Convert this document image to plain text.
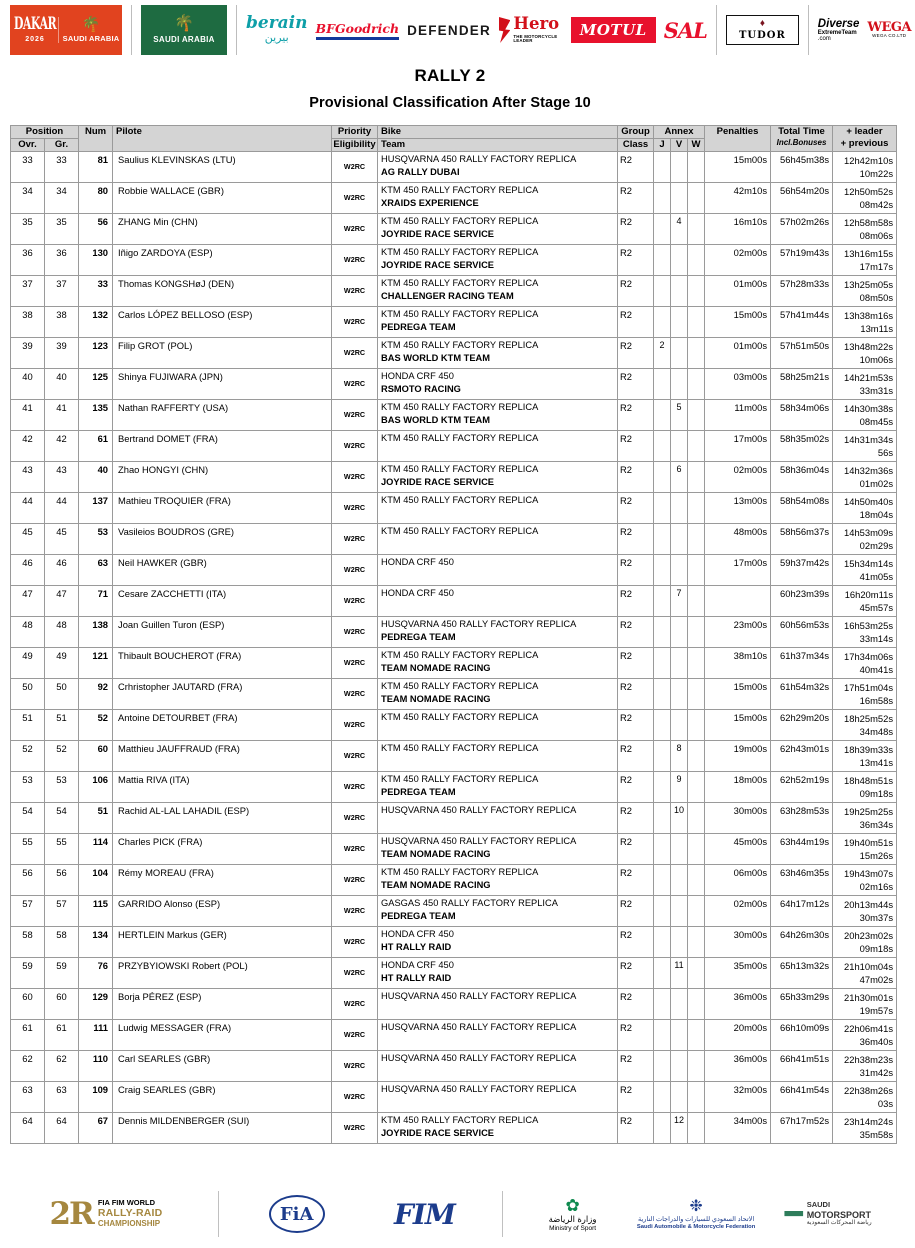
DAKAR
2026
🌴
SAUDI ARABIA
🌴
SAUDI ARABIA
berain
بيرين
BFGoodrich DEFENDER Hero
THE MOTORCYCLE LEADER
MOTUL SAL	♦
TUDOR
Diverse
ExtremeTeam
.com
WEGA
WEGA CO.LTD
RALLY 2
Provisional Classification After Stage 10
Position		Num	Pilote	Priority	Bike	Group	Annex			Penalties	Total Time
Incl.Bonuses	+ leader
+ previous

Ovr.	Gr.			Eligibility	Team	Class	J	V	W			
33	33	81	Saulius KLEVINSKAS (LTU)	W2RC	HUSQVARNA 450 RALLY FACTORY REPLICA
AG RALLY DUBAI	R2				15m00s	56h45m38s	12h42m10s
10m22s

34	34	80	Robbie WALLACE (GBR)	W2RC	KTM 450 RALLY FACTORY REPLICA
XRAIDS EXPERIENCE	R2				42m10s	56h54m20s	12h50m52s
08m42s

35	35	56	ZHANG Min (CHN)	W2RC	KTM 450 RALLY FACTORY REPLICA
JOYRIDE RACE SERVICE	R2		4		16m10s	57h02m26s	12h58m58s
08m06s

36	36	130	Iñigo ZARDOYA (ESP)	W2RC	KTM 450 RALLY FACTORY REPLICA
JOYRIDE RACE SERVICE	R2				02m00s	57h19m43s	13h16m15s
17m17s

37	37	33	Thomas KONGSHøJ (DEN)	W2RC	KTM 450 RALLY FACTORY REPLICA
CHALLENGER RACING TEAM	R2				01m00s	57h28m33s	13h25m05s
08m50s

38	38	132	Carlos LÓPEZ BELLOSO (ESP)	W2RC	KTM 450 RALLY FACTORY REPLICA
PEDREGA TEAM	R2				15m00s	57h41m44s	13h38m16s
13m11s

39	39	123	Filip GROT (POL)	W2RC	KTM 450 RALLY FACTORY REPLICA
BAS WORLD KTM TEAM	R2	2			01m00s	57h51m50s	13h48m22s
10m06s

40	40	125	Shinya FUJIWARA (JPN)	W2RC	HONDA CRF 450
RSMOTO RACING	R2				03m00s	58h25m21s	14h21m53s
33m31s

41	41	135	Nathan RAFFERTY (USA)	W2RC	KTM 450 RALLY FACTORY REPLICA
BAS WORLD KTM TEAM	R2		5		11m00s	58h34m06s	14h30m38s
08m45s

42	42	61	Bertrand DOMET (FRA)	W2RC	KTM 450 RALLY FACTORY REPLICA	R2				17m00s	58h35m02s	14h31m34s
56s

43	43	40	Zhao HONGYI (CHN)	W2RC	KTM 450 RALLY FACTORY REPLICA
JOYRIDE RACE SERVICE	R2		6		02m00s	58h36m04s	14h32m36s
01m02s

44	44	137	Mathieu TROQUIER (FRA)	W2RC	KTM 450 RALLY FACTORY REPLICA	R2				13m00s	58h54m08s	14h50m40s
18m04s

45	45	53	Vasileios BOUDROS (GRE)	W2RC	KTM 450 RALLY FACTORY REPLICA	R2				48m00s	58h56m37s	14h53m09s
02m29s

46	46	63	Neil HAWKER (GBR)	W2RC	HONDA CRF 450	R2				17m00s	59h37m42s	15h34m14s
41m05s

47	47	71	Cesare ZACCHETTI (ITA)	W2RC	HONDA CRF 450	R2		7			60h23m39s	16h20m11s
45m57s

48	48	138	Joan Guillen Turon (ESP)	W2RC	HUSQVARNA 450 RALLY FACTORY REPLICA
PEDREGA TEAM	R2				23m00s	60h56m53s	16h53m25s
33m14s

49	49	121	Thibault BOUCHEROT (FRA)	W2RC	KTM 450 RALLY FACTORY REPLICA
TEAM NOMADE RACING	R2				38m10s	61h37m34s	17h34m06s
40m41s

50	50	92	Crhristopher JAUTARD (FRA)	W2RC	KTM 450 RALLY FACTORY REPLICA
TEAM NOMADE RACING	R2				15m00s	61h54m32s	17h51m04s
16m58s

51	51	52	Antoine DETOURBET (FRA)	W2RC	KTM 450 RALLY FACTORY REPLICA	R2				15m00s	62h29m20s	18h25m52s
34m48s

52	52	60	Matthieu JAUFFRAUD (FRA)	W2RC	KTM 450 RALLY FACTORY REPLICA	R2		8		19m00s	62h43m01s	18h39m33s
13m41s

53	53	106	Mattia RIVA (ITA)	W2RC	KTM 450 RALLY FACTORY REPLICA
PEDREGA TEAM	R2		9		18m00s	62h52m19s	18h48m51s
09m18s

54	54	51	Rachid AL-LAL LAHADIL (ESP)	W2RC	HUSQVARNA 450 RALLY FACTORY REPLICA	R2		10		30m00s	63h28m53s	19h25m25s
36m34s

55	55	114	Charles PICK (FRA)	W2RC	HUSQVARNA 450 RALLY FACTORY REPLICA
TEAM NOMADE RACING	R2				45m00s	63h44m19s	19h40m51s
15m26s

56	56	104	Rémy MOREAU (FRA)	W2RC	KTM 450 RALLY FACTORY REPLICA
TEAM NOMADE RACING	R2				06m00s	63h46m35s	19h43m07s
02m16s

57	57	115	GARRIDO Alonso (ESP)	W2RC	GASGAS 450 RALLY FACTORY REPLICA
PEDREGA TEAM	R2				02m00s	64h17m12s	20h13m44s
30m37s

58	58	134	HERTLEIN Markus (GER)	W2RC	HONDA CFR 450
HT RALLY RAID	R2				30m00s	64h26m30s	20h23m02s
09m18s

59	59	76	PRZYBYIOWSKI Robert (POL)	W2RC	HONDA CRF 450
HT RALLY RAID	R2		11		35m00s	65h13m32s	21h10m04s
47m02s

60	60	129	Borja PÉREZ (ESP)	W2RC	HUSQVARNA 450 RALLY FACTORY REPLICA	R2				36m00s	65h33m29s	21h30m01s
19m57s

61	61	111	Ludwig MESSAGER (FRA)	W2RC	HUSQVARNA 450 RALLY FACTORY REPLICA	R2				20m00s	66h10m09s	22h06m41s
36m40s

62	62	110	Carl SEARLES (GBR)	W2RC	HUSQVARNA 450 RALLY FACTORY REPLICA	R2				36m00s	66h41m51s	22h38m23s
31m42s

63	63	109	Craig SEARLES (GBR)	W2RC	HUSQVARNA 450 RALLY FACTORY REPLICA	R2				32m00s	66h41m54s	22h38m26s
03s

64	64	67	Dennis MILDENBERGER (SUI)	W2RC	KTM 450 RALLY FACTORY REPLICA
JOYRIDE RACE SERVICE	R2		12		34m00s	67h17m52s	23h14m24s
35m58s
2R FIA FIM WORLD
RALLY-RAID
CHAMPIONSHIP	FiA	FIM	✿
وزارة الرياضة
Ministry of Sport
❉
الاتحاد السعودي للسيارات والدراجات النارية
Saudi Automobile & Motorcycle Federation ━ SAUDI
MOTORSPORT
رياضة المحركات السعودية
